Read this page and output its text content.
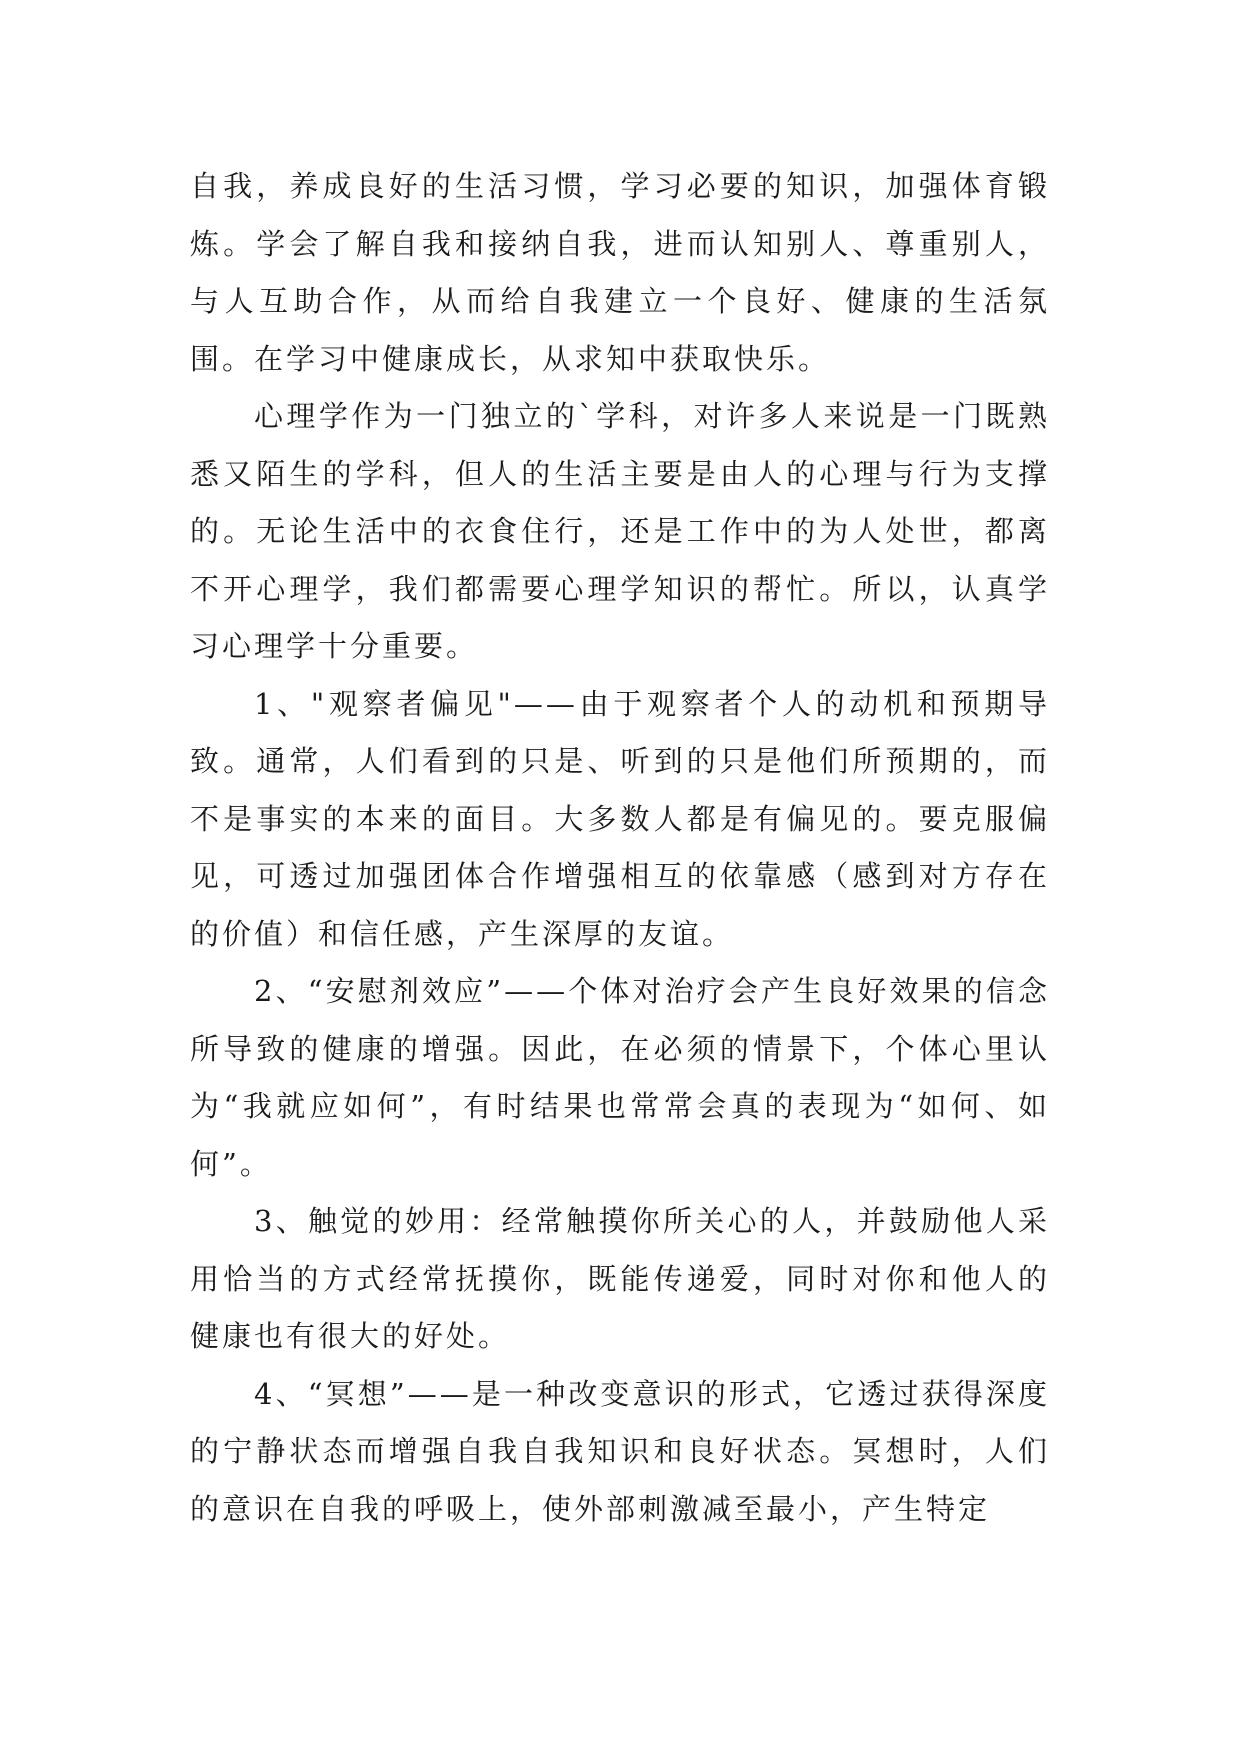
自我，养成良好的生活习惯，学习必要的知识，加强体育锻炼。学会了解自我和接纳自我，进而认知别人、尊重别人，与人互助合作，从而给自我建立一个良好、健康的生活氛围。在学习中健康成长，从求知中获取快乐。

心理学作为一门独立的`学科，对许多人来说是一门既熟悉又陌生的学科，但人的生活主要是由人的心理与行为支撑的。无论生活中的衣食住行，还是工作中的为人处世，都离不开心理学，我们都需要心理学知识的帮忙。所以，认真学习心理学十分重要。

1、"观察者偏见"——由于观察者个人的动机和预期导致。通常，人们看到的只是、听到的只是他们所预期的，而不是事实的本来的面目。大多数人都是有偏见的。要克服偏见，可透过加强团体合作增强相互的依靠感（感到对方存在的价值）和信任感，产生深厚的友谊。

2、“安慰剂效应”——个体对治疗会产生良好效果的信念所导致的健康的增强。因此，在必须的情景下，个体心里认为“我就应如何”，有时结果也常常会真的表现为“如何、如何”。

3、触觉的妙用：经常触摸你所关心的人，并鼓励他人采用恰当的方式经常抚摸你，既能传递爱，同时对你和他人的健康也有很大的好处。

4、“冥想”——是一种改变意识的形式，它透过获得深度的宁静状态而增强自我自我知识和良好状态。冥想时，人们的意识在自我的呼吸上，使外部刺激减至最小，产生特定
